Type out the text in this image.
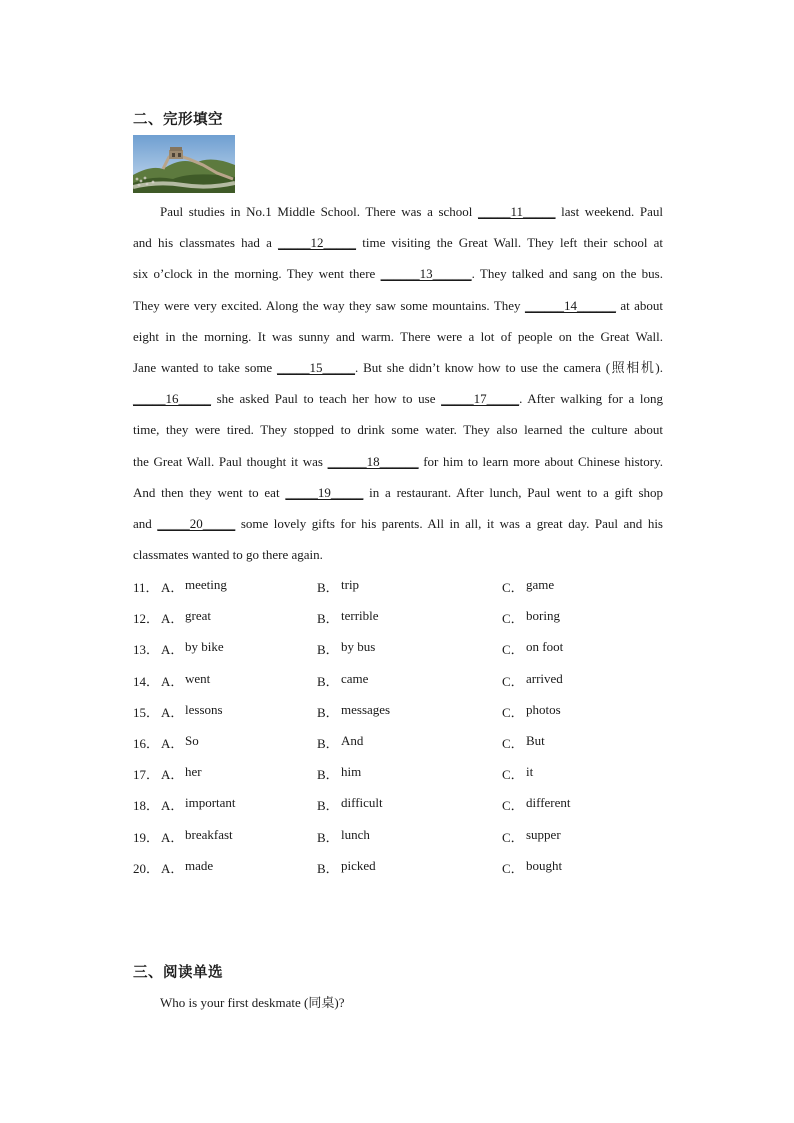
二、完形填空
Paul studies in No.1 Middle School. There was a school _____11_____ last weekend. Paul
and his classmates had a _____12_____ time visiting the Great Wall. They left their school at
six o’clock in the morning. They went there ______13______. They talked and sang on the bus.
They were very excited. Along the way they saw some mountains. They ______14______ at about
eight in the morning. It was sunny and warm. There were a lot of people on the Great Wall.
Jane wanted to take some _____15_____. But she didn’t know how to use the camera (照相机).
_____16_____ she asked Paul to teach her how to use _____17_____. After walking for a long
time, they were tired. They stopped to drink some water. They also learned the culture about
the Great Wall. Paul thought it was ______18______ for him to learn more about Chinese history.
And then they went to eat _____19_____ in a restaurant. After lunch, Paul went to a gift shop
and _____20_____ some lovely gifts for his parents. All in all, it was a great day. Paul and his
classmates wanted to go there again.
11． A． meeting	B． trip	C． game
12． A． great	B． terrible	C． boring
13． A． by bike	B． by bus	C． on foot
14． A． went	B． came	C． arrived
15． A． lessons	B． messages	C． photos
16． A． So	B． And	C． But
17． A． her	B． him	C． it
18． A． important	B． difficult	C． different
19． A． breakfast	B． lunch	C． supper
20． A． made	B． picked	C． bought
三、阅读单选
Who is your first deskmate (同桌)?
